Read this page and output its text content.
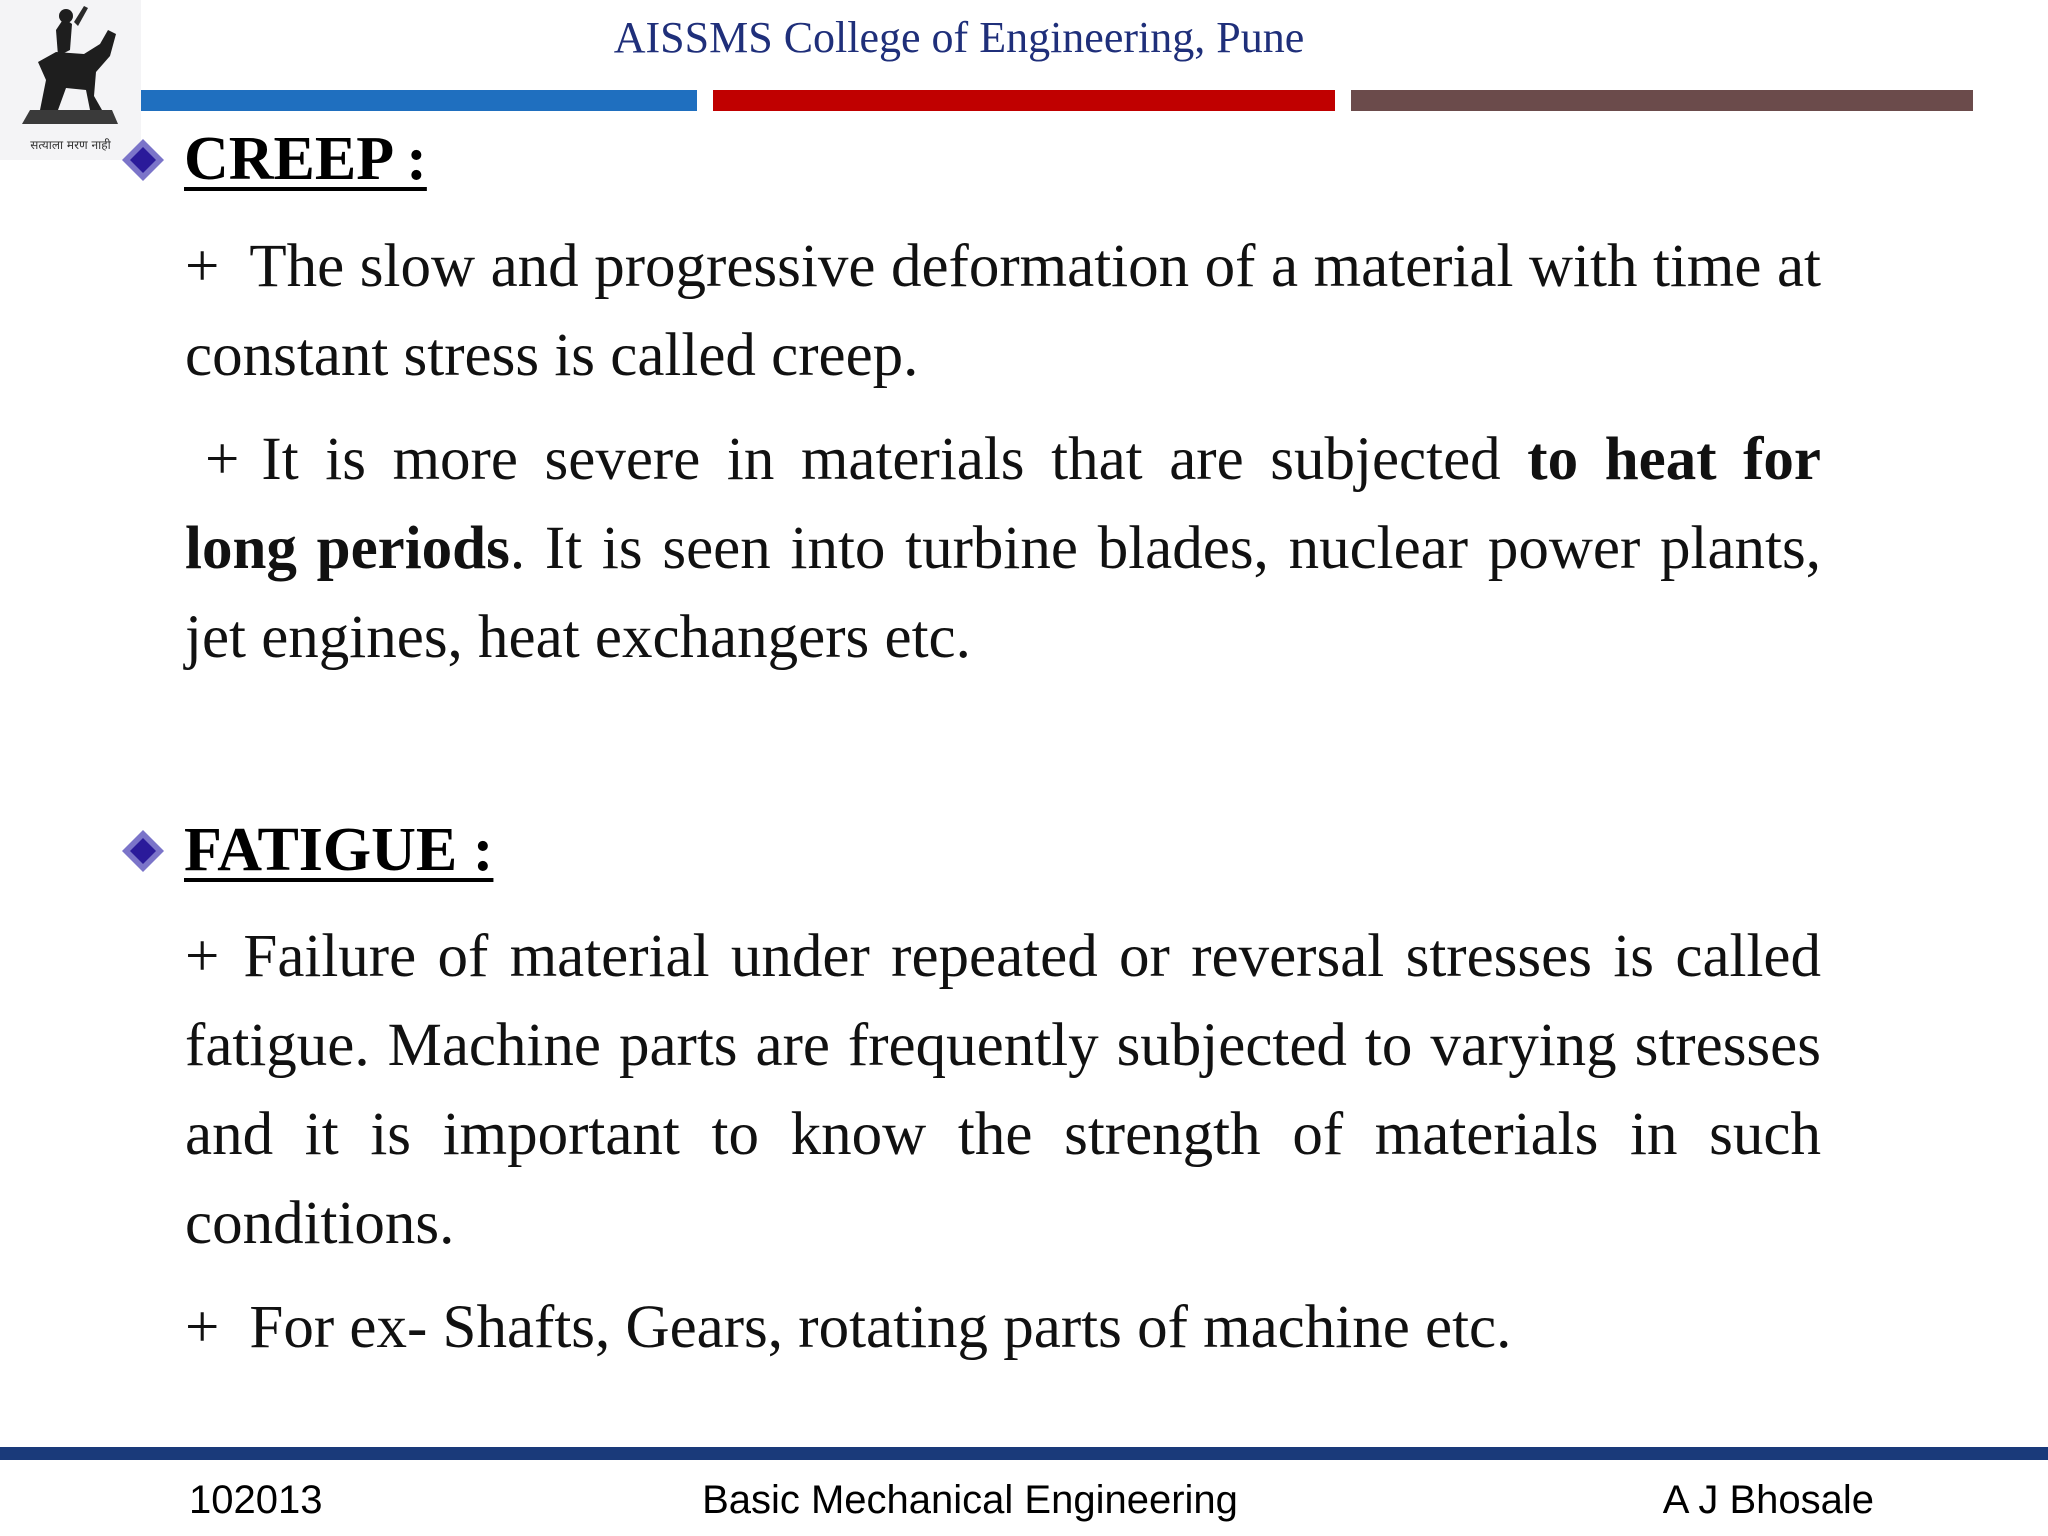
सत्याला मरण नाही
AISSMS College of Engineering, Pune
CREEP :
+ The slow and progressive deformation of a material with time at constant stress is called creep.
+ It is more severe in materials that are subjected to heat for long periods. It is seen into turbine blades, nuclear power plants, jet engines, heat exchangers etc.
FATIGUE :
+ Failure of material under repeated or reversal stresses is called fatigue. Machine parts are frequently subjected to varying stresses and it is important to know the strength of materials in such conditions.
+ For ex- Shafts, Gears, rotating parts of machine etc.
102013	Basic Mechanical Engineering	A J Bhosale
